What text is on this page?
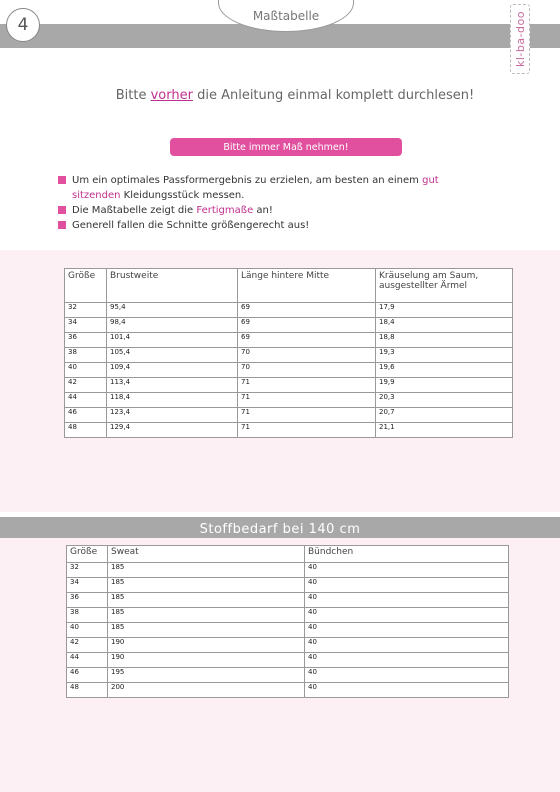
4	Maßtabelle	kl-ba-doo
Bitte vorher die Anleitung einmal komplett durchlesen!
Bitte immer Maß nehmen!
Um ein optimales Passformergebnis zu erzielen, am besten an einem gut sitzenden Kleidungsstück messen.
Die Maßtabelle zeigt die Fertigmaße an!
Generell fallen die Schnitte größengerecht aus!
Größe	Brustweite	Länge hintere Mitte	Kräuselung am Saum, ausgestellter Ärmel
32	95,4	69	17,9
34	98,4	69	18,4
36	101,4	69	18,8
38	105,4	70	19,3
40	109,4	70	19,6
42	113,4	71	19,9
44	118,4	71	20,3
46	123,4	71	20,7
48	129,4	71	21,1
Stoffbedarf bei 140 cm
Größe	Sweat	Bündchen
32	185	40
34	185	40
36	185	40
38	185	40
40	185	40
42	190	40
44	190	40
46	195	40
48	200	40
